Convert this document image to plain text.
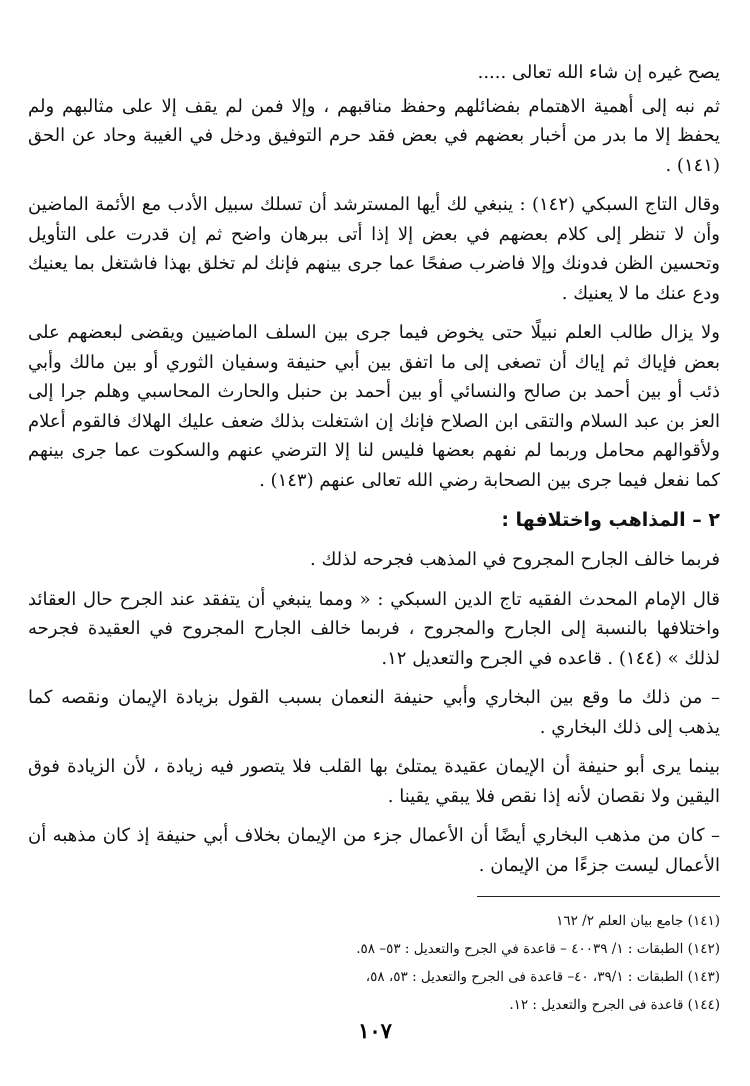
يصح غيره إن شاء الله تعالى .....

ثم نبه إلى أهمية الاهتمام بفضائلهم وحفظ مناقبهم ، وإلا فمن لم يقف إلا على مثالبهم ولم يحفظ إلا ما بدر من أخبار بعضهم في بعض فقد حرم التوفيق ودخل في الغيبة وحاد عن الحق (١٤١) .

وقال التاج السبكي (١٤٢) : ينبغي لك أيها المسترشد أن تسلك سبيل الأدب مع الأئمة الماضين وأن لا تنظر إلى كلام بعضهم في بعض إلا إذا أتى ببرهان واضح ثم إن قدرت على التأويل وتحسين الظن فدونك وإلا فاضرب صفحًا عما جرى بينهم فإنك لم تخلق بهذا فاشتغل بما يعنيك ودع عنك ما لا يعنيك .

ولا يزال طالب العلم نبيلًا حتى يخوض فيما جرى بين السلف الماضيين ويقضى لبعضهم على بعض فإياك ثم إياك أن تصغى إلى ما اتفق بين أبي حنيفة وسفيان الثوري أو بين مالك وأبي ذئب أو بين أحمد بن صالح والنسائي أو بين أحمد بن حنبل والحارث المحاسبي وهلم جرا إلى العز بن عبد السلام والتقى ابن الصلاح فإنك إن اشتغلت بذلك ضعف عليك الهلاك فالقوم أعلام ولأقوالهم محامل وربما لم نفهم بعضها فليس لنا إلا الترضي عنهم والسكوت عما جرى بينهم كما نفعل فيما جرى بين الصحابة رضي الله تعالى عنهم (١٤٣) .

٢ – المذاهب واختلافها :

فربما خالف الجارح المجروح في المذهب فجرحه لذلك .

قال الإمام المحدث الفقيه تاج الدين السبكي : « ومما ينبغي أن يتفقد عند الجرح حال العقائد واختلافها بالنسبة إلى الجارح والمجروح ، فربما خالف الجارح المجروح في العقيدة فجرحه لذلك » (١٤٤) . قاعده في الجرح والتعديل ١٢.

– من ذلك ما وقع بين البخاري وأبي حنيفة النعمان بسبب القول بزيادة الإيمان ونقصه كما يذهب إلى ذلك البخاري .

بينما يرى أبو حنيفة أن الإيمان عقيدة يمتلئ بها القلب فلا يتصور فيه زيادة ، لأن الزيادة فوق اليقين ولا نقصان لأنه إذا نقص فلا يبقي يقينا .

– كان من مذهب البخاري أيضًا أن الأعمال جزء من الإيمان بخلاف أبي حنيفة إذ كان مذهبه أن الأعمال ليست جزءًا من الإيمان .

(١٤١) جامع بيان العلم ٢/ ١٦٢

(١٤٢) الطبقات : ١/ ٤٠٠٣٩ – قاعدة في الجرح والتعديل : ٥٣– ٥٨.

(١٤٣) الطبقات : ٣٩/١، ٤٠– قاعدة فى الجرح والتعديل : ٥٣، ٥٨،

(١٤٤) قاعدة فى الجرح والتعديل : ١٢.

١٠٧
